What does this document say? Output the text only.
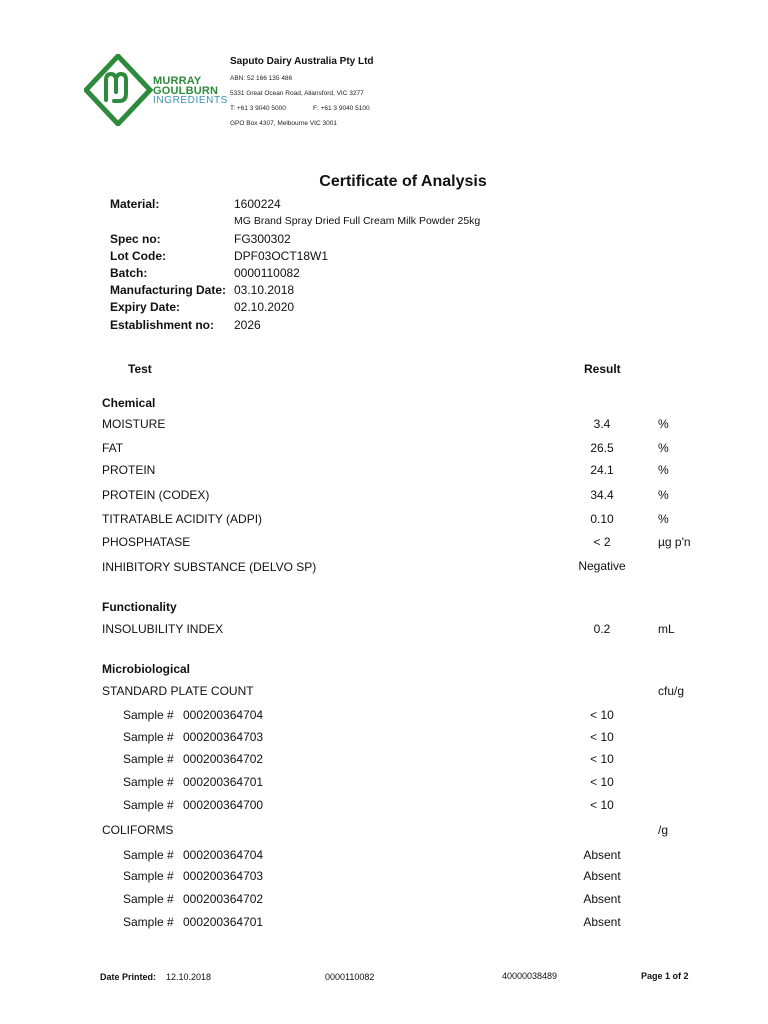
MURRAY
GOULBURN
INGREDIENTS
Saputo Dairy Australia Pty Ltd
ABN: 52 166 135 486
5331 Great Ocean Road, Allansford, VIC 3277
T: +61 3 9040 5000	F: +61 3 9040 5100
GPO Box 4307, Melbourne VIC 3001
Certificate of Analysis
Material:	1600224
MG Brand Spray Dried Full Cream Milk Powder 25kg
Spec no:	FG300302
Lot Code:	DPF03OCT18W1
Batch:	0000110082
Manufacturing Date: 03.10.2018
Expiry Date:	02.10.2020
Establishment no: 2026
Test	Result
Chemical
MOISTURE	3.4	%
FAT	26.5	%
PROTEIN	24.1	%
PROTEIN (CODEX)	34.4	%
TITRATABLE ACIDITY (ADPI)	0.10	%
PHOSPHATASE	< 2	µg p'n
INHIBITORY SUBSTANCE (DELVO SP)	Negative
Functionality
INSOLUBILITY INDEX	0.2	mL
Microbiological
STANDARD PLATE COUNT	cfu/g
Sample # 000200364704	< 10
Sample # 000200364703	< 10
Sample # 000200364702	< 10
Sample # 000200364701	< 10
Sample # 000200364700	< 10
COLIFORMS	/g
Sample # 000200364704	Absent
Sample # 000200364703	Absent
Sample # 000200364702	Absent
Sample # 000200364701	Absent
Date Printed: 12.10.2018	0000110082	40000038489	Page 1 of 2
